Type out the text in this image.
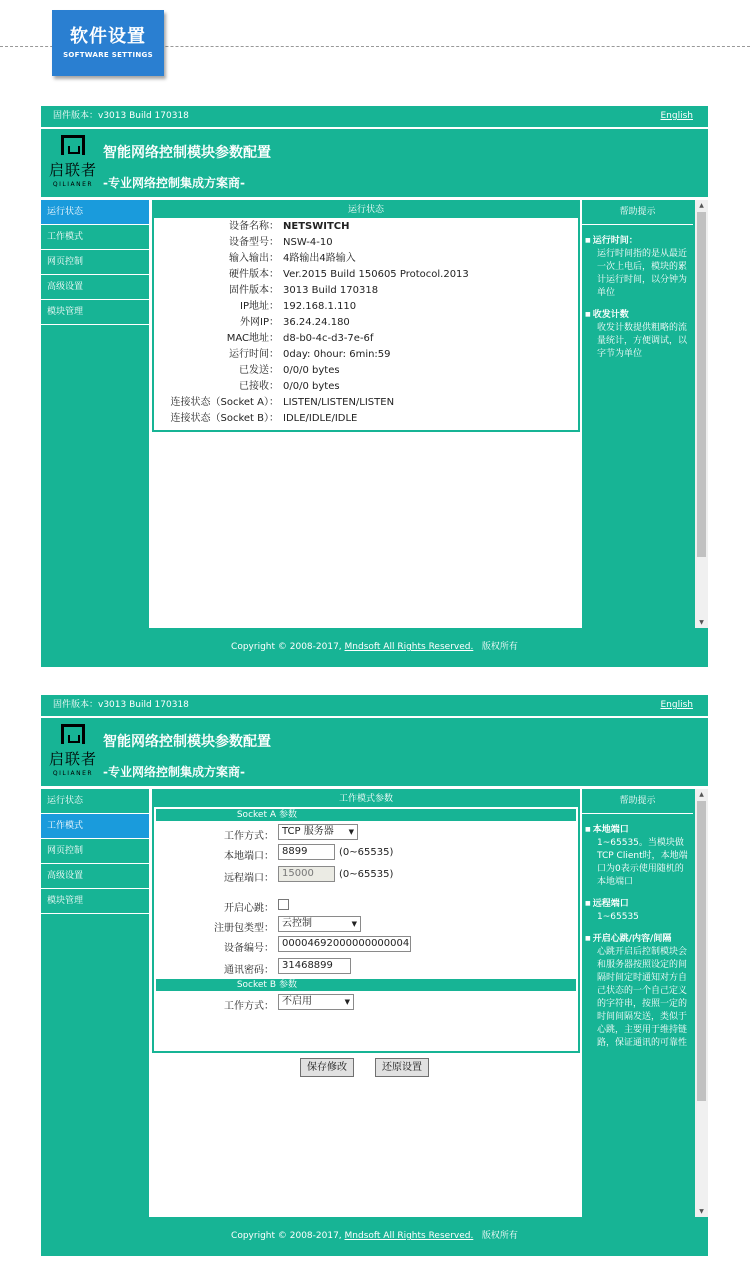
软件设置
SOFTWARE SETTINGS
固件版本：v3013 Build 170318	English
启联者
QILIANER
智能网络控制模块参数配置
-专业网络控制集成方案商-
运行状态
工作模式
网页控制
高级设置
模块管理
运行状态
设备名称： NETSWITCH
设备型号： NSW-4-10
输入输出： 4路输出4路输入
硬件版本： Ver.2015 Build 150605 Protocol.2013
固件版本： 3013 Build 170318
IP地址： 192.168.1.110
外网IP： 36.24.24.180
MAC地址： d8-b0-4c-d3-7e-6f
运行时间： 0day: 0hour: 6min:59
已发送： 0/0/0 bytes
已接收： 0/0/0 bytes
连接状态（Socket A）： LISTEN/LISTEN/LISTEN
连接状态（Socket B）： IDLE/IDLE/IDLE
帮助提示
■ 运行时间：
运行时间指的是从最近一次上电后，模块的累计运行时间，以分钟为单位
■ 收发计数
收发计数提供粗略的流量统计，方便调试，以字节为单位
▲
▼
Copyright © 2008-2017, Mndsoft All Rights Reserved. 版权所有
固件版本：v3013 Build 170318	English
启联者
QILIANER
智能网络控制模块参数配置
-专业网络控制集成方案商-
运行状态
工作模式
网页控制
高级设置
模块管理
工作模式参数
Socket A 参数
工作方式： TCP 服务器 ▼
本地端口： 8899	(0~65535)
远程端口： 15000	(0~65535)
开启心跳：
注册包类型： 云控制	▼
设备编号： 00004692000000000004
通讯密码： 31468899
Socket B 参数
工作方式： 不启用	▼
保存修改	还原设置
帮助提示
■ 本地端口
1~65535。当模块做TCP Client时，本地端口为0表示使用随机的本地端口
■ 远程端口
1~65535
■ 开启心跳/内容/间隔
心跳开启后控制模块会和服务器按照设定的间隔时间定时通知对方自己状态的一个自己定义的字符串，按照一定的时间间隔发送，类似于心跳，主要用于维持链路，保证通讯的可靠性
▲
▼
Copyright © 2008-2017, Mndsoft All Rights Reserved. 版权所有
